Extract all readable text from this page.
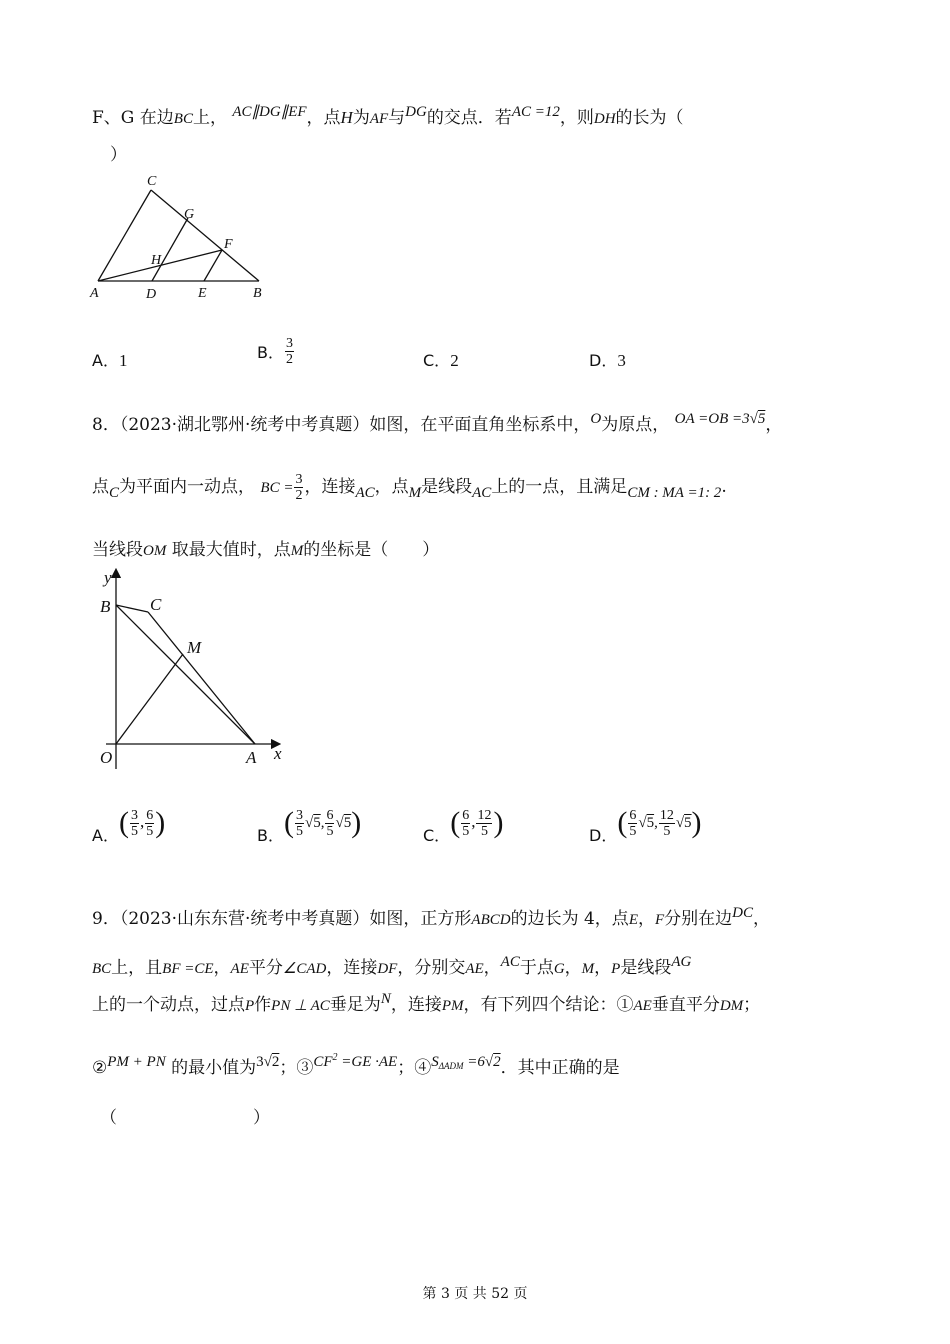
F、G 在边BC上， AC∥DG∥EF，点H为AF与DG的交点．若AC =12，则DH的长为（
）
C
G
F
H
A	D	E	B
A．1	B． $\frac{3}{2}$	C．2	D．3
8．（2023·湖北鄂州·统考中考真题）如图，在平面直角坐标系中，O为原点， OA =OB =3√5，
点C为平面内一动点， BC = $\frac{3}{2}$ ，连接AC，点M是线段AC上的一点，且满足CM : MA =1: 2.
当线段OM 取最大值时，点M的坐标是（　　）
y
B C
M
O	A x
A．( $\frac{3}{5}$ , $\frac{6}{5}$ )	B．( $\frac{3}{5} √5$, $\frac{6}{5} √5$)	C．( $\frac{6}{5}$ , $\frac{12}{5}$ )	D．( $\frac{6}{5} √5$, $\frac{12}{5} √5$)
9．（2023·山东东营·统考中考真题）如图，正方形ABCD的边长为 4，点E，F分别在边DC，
BC上，且BF =CE，AE平分∠CAD，连接DF，分别交AE，AC于点G，M，P是线段AG
上的一个动点，过点P作PN ⊥ AC垂足为N，连接PM，有下列四个结论：①AE垂直平分DM；
②PM + PN 的最小值为3√2；$③CF^2 =GE \cdot AE$；$④S_{\Delta ADM} =6√2$．其中正确的是
（　　　　　　　　）
第 3 页 共 52 页
